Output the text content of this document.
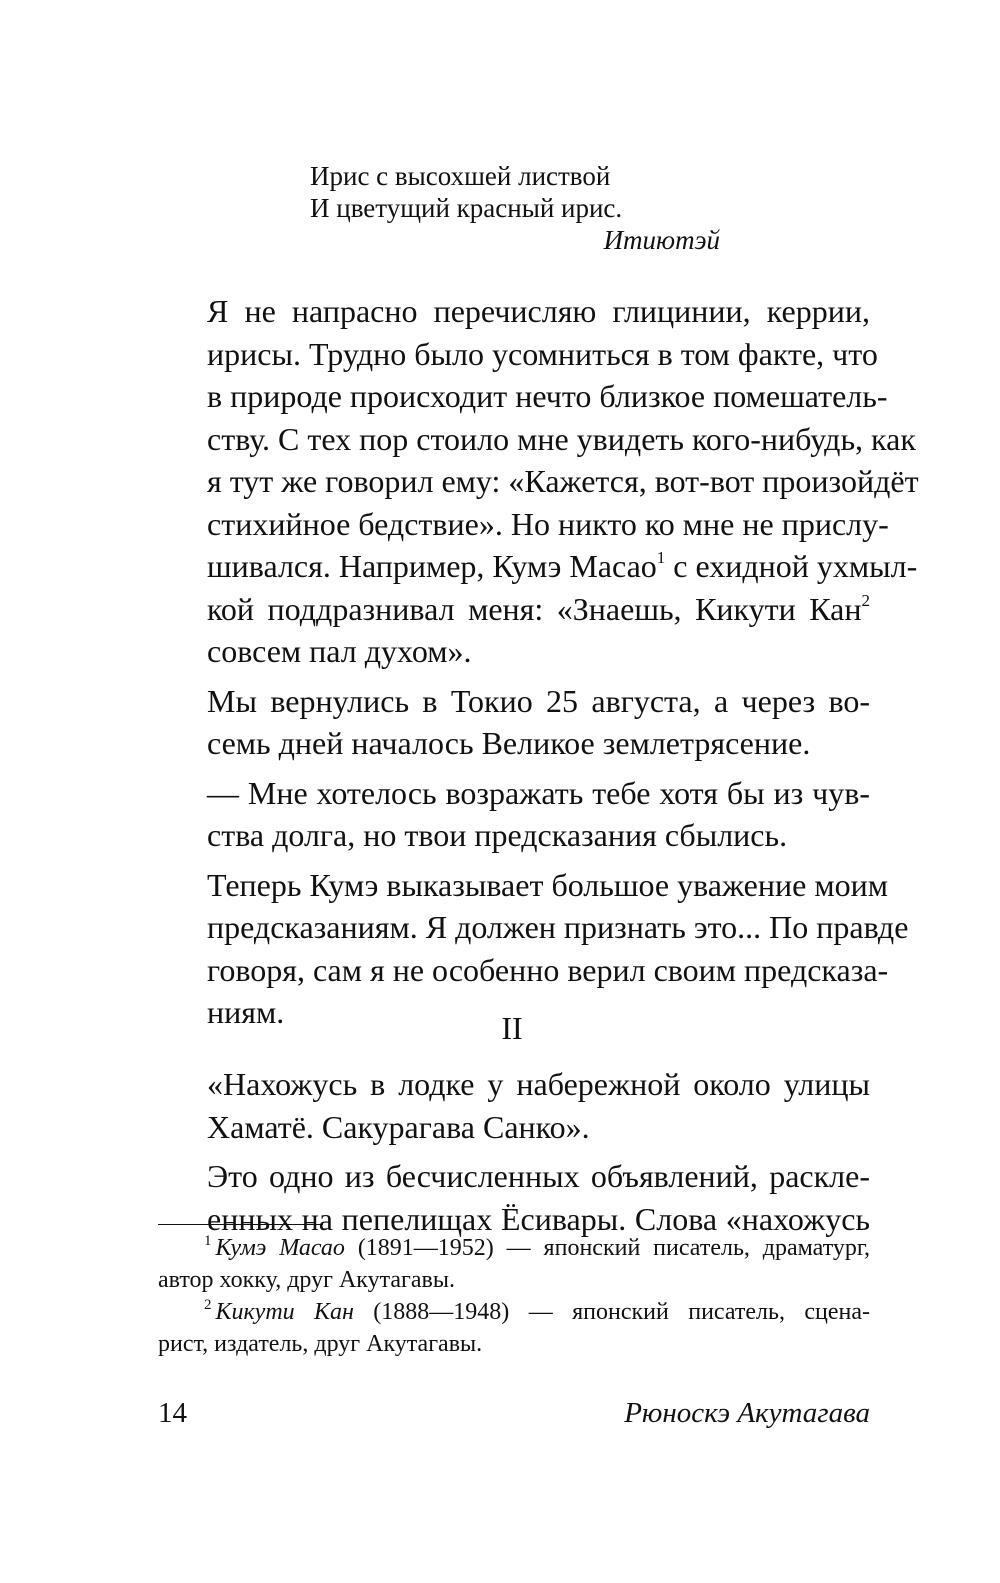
Ирис с высохшей листвой
И цветущий красный ирис.
Итиютэй

Я не напрасно перечисляю глицинии, керрии,
ирисы. Трудно было усомниться в том факте, что
в природе происходит нечто близкое помешатель-
ству. С тех пор стоило мне увидеть кого-нибудь, как
я тут же говорил ему: «Кажется, вот-вот произойдёт
стихийное бедствие». Но никто ко мне не прислу-
шивался. Например, Кумэ Масао$^1$ с ехидной ухмыл-
кой поддразнивал меня: «Знаешь, Кикути Кан$^2$
совсем пал духом».

Мы вернулись в Токио 25 августа, а через во-
семь дней началось Великое землетрясение.

— Мне хотелось возражать тебе хотя бы из чув-
ства долга, но твои предсказания сбылись.

Теперь Кумэ выказывает большое уважение моим
предсказаниям. Я должен признать это... По правде
говоря, сам я не особенно верил своим предсказа-
ниям.	II

«Нахожусь в лодке у набережной около улицы
Хаматё. Сакурагава Санко».

Это одно из бесчисленных объявлений, раскле-
енных на пепелищах Ёсивары. Слова «нахожусь

$^1$ Кумэ Масао (1891—1952) — японский писатель, драматург,
автор хокку, друг Акутагавы.
$^2$ Кикути Кан (1888—1948) — японский писатель, сцена-
рист, издатель, друг Акутагавы.
14	Рюноскэ Акутагава
